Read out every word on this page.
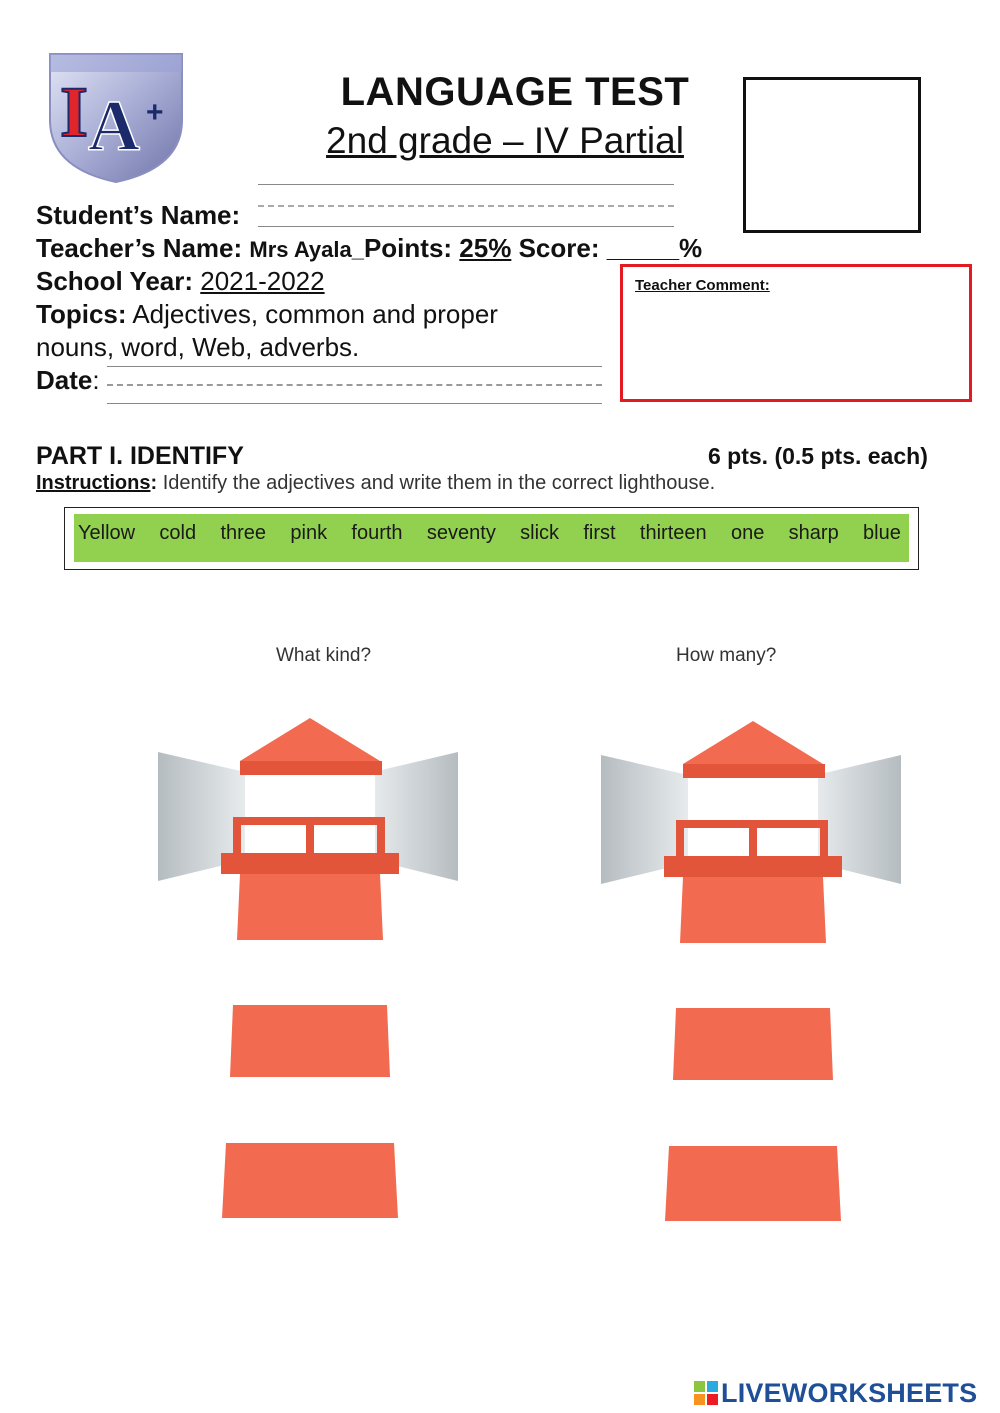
I A +	LANGUAGE TEST
2nd grade – IV Partial
Student’s Name:
Teacher’s Name: Mrs Ayala_Points: 25% Score: _____%
School Year: 2021-2022
Topics: Adjectives, common and proper
nouns, word, Web, adverbs.
Date:
Teacher Comment:
PART I. IDENTIFY	6 pts. (0.5 pts. each)
Instructions: Identify the adjectives and write them in the correct lighthouse.
Yellow cold three pink fourth seventy slick first thirteen one sharp blue
What kind?	How many?
LIVEWORKSHEETS
